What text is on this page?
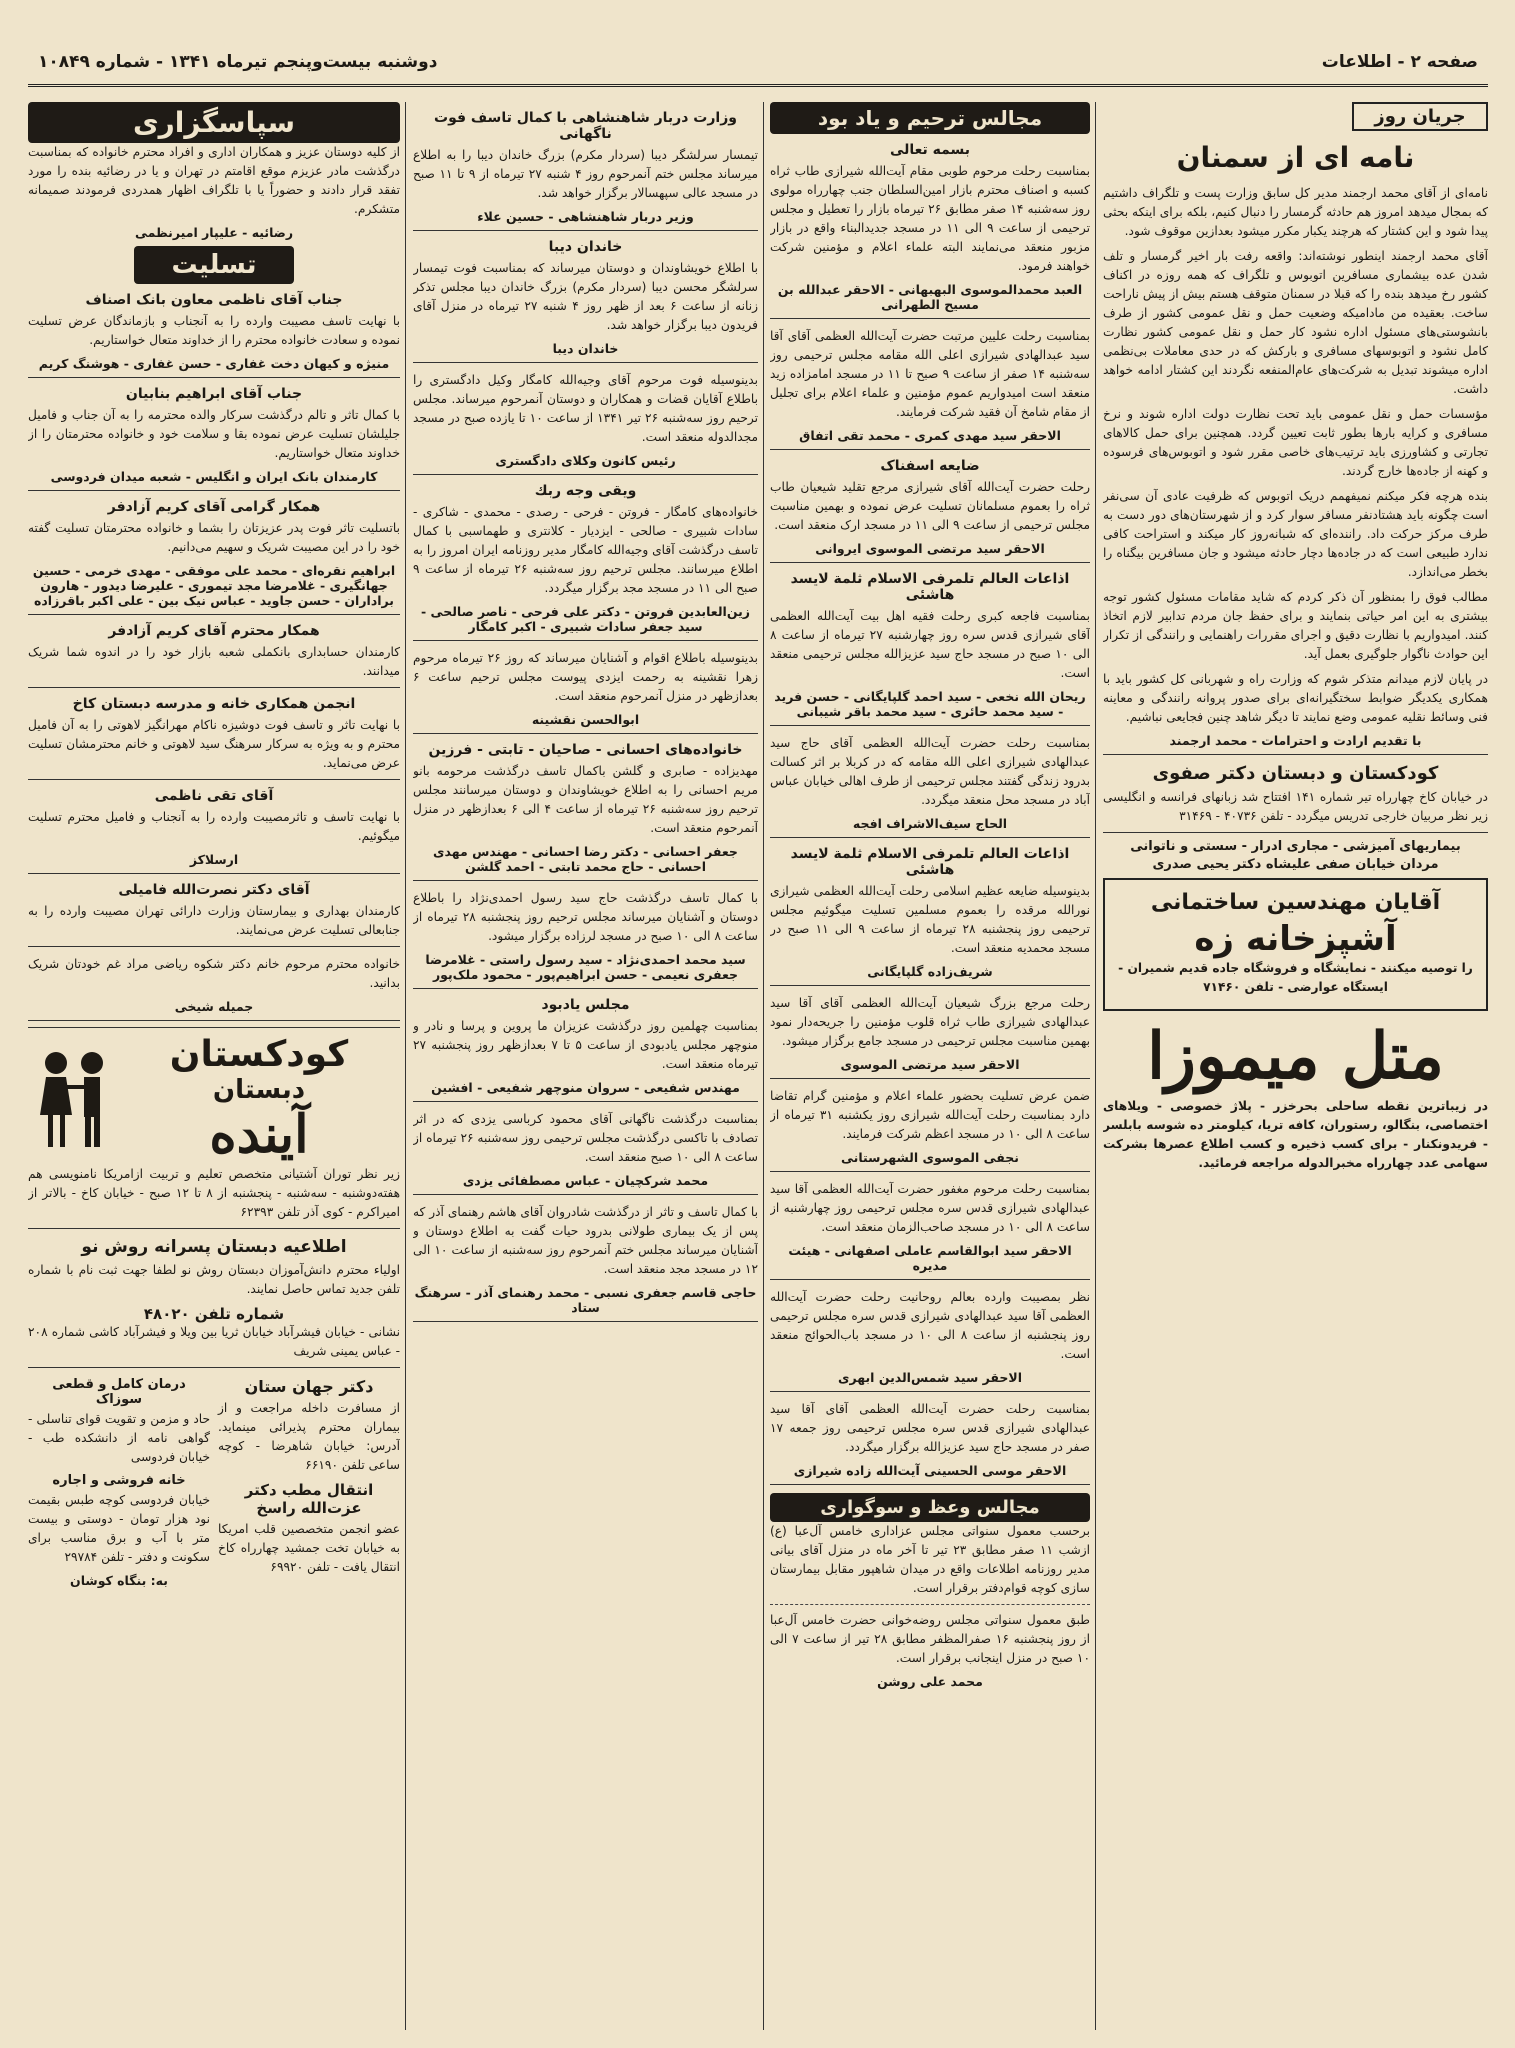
صفحه ۲ - اطلاعات
دوشنبه بیست‌وپنجم تیرماه ۱۳۴۱ - شماره ۱۰۸۴۹
جریان روز
نامه ای از سمنان

نامه‌ای از آقای محمد ارجمند مدیر کل سابق وزارت پست و تلگراف داشتیم که بمجال میدهد امروز هم حادثه گرمسار را دنبال کنیم، بلکه برای اینکه بحثی پیدا شود و این کشتار که هرچند یکبار مکرر میشود بعدازین موقوف شود.

آقای محمد ارجمند اینطور نوشته‌اند: واقعه رفت بار اخیر گرمسار و تلف شدن عده بیشماری مسافرین اتوبوس و تلگراف که همه روزه در اکناف کشور رخ میدهد بنده را که قبلا در سمنان متوقف هستم بیش از پیش ناراحت ساخت. بعقیده من مادامیکه وضعیت حمل و نقل عمومی کشور از طرف بانشوستی‌های مسئول اداره نشود کار حمل و نقل عمومی کشور نظارت کامل نشود و اتوبوسهای مسافری و بارکش که در حدی معاملات بی‌نظمی اداره میشوند تبدیل به شرکت‌های عام‌المنفعه نگردند این کشتار ادامه خواهد داشت.

مؤسسات حمل و نقل عمومی باید تحت نظارت دولت اداره شوند و نرخ مسافری و کرایه بارها بطور ثابت تعیین گردد. همچنین برای حمل کالاهای تجارتی و کشاورزی باید ترتیب‌های خاصی مقرر شود و اتوبوس‌های فرسوده و کهنه از جاده‌ها خارج گردند.

بنده هرچه فکر میکنم نمیفهمم دریک اتوبوس که ظرفیت عادی آن سی‌نفر است چگونه باید هشتادنفر مسافر سوار کرد و از شهرستان‌های دور دست به طرف مرکز حرکت داد. راننده‌ای که شبانه‌روز کار میکند و استراحت کافی ندارد طبیعی است که در جاده‌ها دچار حادثه میشود و جان مسافرین بیگناه را بخطر می‌اندازد.

مطالب فوق را بمنظور آن ذکر کردم که شاید مقامات مسئول کشور توجه بیشتری به این امر حیاتی بنمایند و برای حفظ جان مردم تدابیر لازم اتخاذ کنند. امیدواریم با نظارت دقیق و اجرای مقررات راهنمایی و رانندگی از تکرار این حوادث ناگوار جلوگیری بعمل آید.

در پایان لازم میدانم متذکر شوم که وزارت راه و شهربانی کل کشور باید با همکاری یکدیگر ضوابط سختگیرانه‌ای برای صدور پروانه رانندگی و معاینه فنی وسائط نقلیه عمومی وضع نمایند تا دیگر شاهد چنین فجایعی نباشیم.

با تقدیم ارادت و احترامات - محمد ارجمند
کودکستان و دبستان دکتر صفوی

در خیابان کاخ چهارراه تیر شماره ۱۴۱ افتتاح شد زبانهای فرانسه و انگلیسی زیر نظر مربیان خارجی تدریس میگردد - تلفن ۴۰۷۳۶ - ۳۱۴۶۹

بیماریهای آمیزشی - مجاری ادرار - سستی و ناتوانی
مردان خیابان صفی علیشاه دکتر یحیی صدری
آقایان مهندسین ساختمانی
آشپزخانه زه

را توصیه میکنند - نمایشگاه و فروشگاه جاده قدیم شمیران - ایستگاه عوارضی - تلفن ۷۱۴۶۰

متل میموزا

در زیباترین نقطه ساحلی بحرخزر - پلاژ خصوصی - ویلاهای اختصاصی، بنگالو، رستوران، کافه تریا، کیلومتر ده شوسه بابلسر - فریدونکنار - برای کسب ذخیره و کسب اطلاع عصرها بشرکت سهامی عدد چهارراه مخبرالدوله مراجعه فرمائید.

مجالس ترحیم و یاد بود
بسمه تعالی

بمناسبت رحلت مرحوم طوبی مقام آیت‌الله شیرازی طاب ثراه کسبه و اصناف محترم بازار امین‌السلطان جنب چهارراه مولوی روز سه‌شنبه ۱۴ صفر مطابق ۲۶ تیرماه بازار را تعطیل و مجلس ترحیمی از ساعت ۹ الی ۱۱ در مسجد جدیدالبناء واقع در بازار مزبور منعقد می‌نمایند البته علماء اعلام و مؤمنین شرکت خواهند فرمود.

العبد محمدالموسوی البهبهانی - الاحقر عبدالله بن مسیح الطهرانی

بمناسبت رحلت علیین مرتبت حضرت آیت‌الله العظمی آقای آقا سید عبدالهادی شیرازی اعلی الله مقامه مجلس ترحیمی روز سه‌شنبه ۱۴ صفر از ساعت ۹ صبح تا ۱۱ در مسجد امامزاده زید منعقد است امیدواریم عموم مؤمنین و علماء اعلام برای تجلیل از مقام شامخ آن فقید شرکت فرمایند.

الاحقر سید مهدی کمری - محمد تقی اتفاق
ضایعه اسفناک

رحلت حضرت آیت‌الله آقای شیرازی مرجع تقلید شیعیان طاب ثراه را بعموم مسلمانان تسلیت عرض نموده و بهمین مناسبت مجلس ترحیمی از ساعت ۹ الی ۱۱ در مسجد ارک منعقد است.

الاحقر سید مرتضی الموسوی ایروانی
اذاعات العالم تلمرفی الاسلام ثلمة لایسد هاشئی

بمناسبت فاجعه کبری رحلت فقیه اهل بیت آیت‌الله العظمی آقای شیرازی قدس سره روز چهارشنبه ۲۷ تیرماه از ساعت ۸ الی ۱۰ صبح در مسجد حاج سید عزیزالله مجلس ترحیمی منعقد است.

ریحان الله نخعی - سید احمد گلپایگانی - حسن فرید - سید محمد حائری - سید محمد باقر شیبانی

بمناسبت رحلت حضرت آیت‌الله العظمی آقای حاج سید عبدالهادی شیرازی اعلی الله مقامه که در کربلا بر اثر کسالت بدرود زندگی گفتند مجلس ترحیمی از طرف اهالی خیابان عباس آباد در مسجد محل منعقد میگردد.

الحاج سیف‌الاشراف افجه
اذاعات العالم تلمرفی الاسلام ثلمة لایسد هاشئی

بدینوسیله ضایعه عظیم اسلامی رحلت آیت‌الله العظمی شیرازی نورالله مرقده را بعموم مسلمین تسلیت میگوئیم مجلس ترحیمی روز پنجشنبه ۲۸ تیرماه از ساعت ۹ الی ۱۱ صبح در مسجد محمدیه منعقد است.

شریف‌زاده گلپایگانی

رحلت مرجع بزرگ شیعیان آیت‌الله العظمی آقای آقا سید عبدالهادی شیرازی طاب ثراه قلوب مؤمنین را جریحه‌دار نمود بهمین مناسبت مجلس ترحیمی در مسجد جامع برگزار میشود.

الاحقر سید مرتضی الموسوی

ضمن عرض تسلیت بحضور علماء اعلام و مؤمنین گرام تقاضا دارد بمناسبت رحلت آیت‌الله شیرازی روز یکشنبه ۳۱ تیرماه از ساعت ۸ الی ۱۰ در مسجد اعظم شرکت فرمایند.

نجفی الموسوی الشهرستانی

بمناسبت رحلت مرحوم مغفور حضرت آیت‌الله العظمی آقا سید عبدالهادی شیرازی قدس سره مجلس ترحیمی روز چهارشنبه از ساعت ۸ الی ۱۰ در مسجد صاحب‌الزمان منعقد است.

الاحقر سید ابوالقاسم عاملی اصفهانی - هیئت مدیره

نظر بمصیبت وارده بعالم روحانیت رحلت حضرت آیت‌الله العظمی آقا سید عبدالهادی شیرازی قدس سره مجلس ترحیمی روز پنجشنبه از ساعت ۸ الی ۱۰ در مسجد باب‌الحوائج منعقد است.

الاحقر سید شمس‌الدین ابهری

بمناسبت رحلت حضرت آیت‌الله العظمی آقای آقا سید عبدالهادی شیرازی قدس سره مجلس ترحیمی روز جمعه ۱۷ صفر در مسجد حاج سید عزیزالله برگزار میگردد.

الاحقر موسی الحسینی آیت‌الله زاده شیرازی
مجالس وعظ و سوگواری

برحسب معمول سنواتی مجلس عزاداری خامس آل‌عبا (ع) ازشب ۱۱ صفر مطابق ۲۳ تیر تا آخر ماه در منزل آقای بیانی مدیر روزنامه اطلاعات واقع در میدان شاهپور مقابل بیمارستان سازی کوچه قوام‌دفتر برقرار است.

طبق معمول سنواتی مجلس روضه‌خوانی حضرت خامس آل‌عبا از روز پنجشنبه ۱۶ صفرالمظفر مطابق ۲۸ تیر از ساعت ۷ الی ۱۰ صبح در منزل اینجانب برقرار است.

محمد علی روشن
وزارت دربار شاهنشاهی با کمال تاسف فوت ناگهانی

تیمسار سرلشگر دیبا (سردار مکرم) بزرگ خاندان دیبا را به اطلاع میرساند مجلس ختم آنمرحوم روز ۴ شنبه ۲۷ تیرماه از ۹ تا ۱۱ صبح در مسجد عالی سپهسالار برگزار خواهد شد.

وزیر دربار شاهنشاهی - حسین علاء
خاندان دیبا

با اطلاع خویشاوندان و دوستان میرساند که بمناسبت فوت تیمسار سرلشگر محسن دیبا (سردار مکرم) بزرگ خاندان دیبا مجلس تذکر زنانه از ساعت ۶ بعد از ظهر روز ۴ شنبه ۲۷ تیرماه در منزل آقای فریدون دیبا برگزار خواهد شد.

خاندان دیبا

بدینوسیله فوت مرحوم آقای وجیه‌الله کامگار وکیل دادگستری را باطلاع آقایان قضات و همکاران و دوستان آنمرحوم میرساند. مجلس ترحیم روز سه‌شنبه ۲۶ تیر ۱۳۴۱ از ساعت ۱۰ تا یازده صبح در مسجد مجدالدوله منعقد است.

رئیس کانون وکلای دادگستری
ویقی وجه ربك

خانواده‌های کامگار - فروتن - فرحی - رصدی - محمدی - شاکری - سادات شبیری - صالحی - ایزدیار - کلانتری و طهماسبی با کمال تاسف درگذشت آقای وجیه‌الله کامگار مدیر روزنامه ایران امروز را به اطلاع میرسانند. مجلس ترحیم روز سه‌شنبه ۲۶ تیرماه از ساعت ۹ صبح الی ۱۱ در مسجد مجد برگزار میگردد.

زین‌العابدین فروتن - دکتر علی فرحی - ناصر صالحی - سید جعفر سادات شبیری - اکبر کامگار

بدینوسیله باطلاع اقوام و آشنایان میرساند که روز ۲۶ تیرماه مرحوم زهرا نقشینه به رحمت ایزدی پیوست مجلس ترحیم ساعت ۶ بعدازظهر در منزل آنمرحوم منعقد است.

ابوالحسن نقشینه
خانواده‌های احسانی - صاحیان - تابتی - فرزین

مهدیزاده - صابری و گلشن باکمال تاسف درگذشت مرحومه بانو مریم احسانی را به اطلاع خویشاوندان و دوستان میرسانند مجلس ترحیم روز سه‌شنبه ۲۶ تیرماه از ساعت ۴ الی ۶ بعدازظهر در منزل آنمرحوم منعقد است.

جعفر احسانی - دکتر رضا احسانی - مهندس مهدی احسانی - حاج محمد تابتی - احمد گلشن

با کمال تاسف درگذشت حاج سید رسول احمدی‌نژاد را باطلاع دوستان و آشنایان میرساند مجلس ترحیم روز پنجشنبه ۲۸ تیرماه از ساعت ۸ الی ۱۰ صبح در مسجد لرزاده برگزار میشود.

سید محمد احمدی‌نژاد - سید رسول راستی - غلامرضا جعفری نعیمی - حسن ابراهیم‌پور - محمود ملک‌پور
مجلس یادبود

بمناسبت چهلمین روز درگذشت عزیزان ما پروین و پرسا و نادر و منوچهر مجلس یادبودی از ساعت ۵ تا ۷ بعدازظهر روز پنجشنبه ۲۷ تیرماه منعقد است.

مهندس شفیعی - سروان منوچهر شفیعی - افشین

بمناسبت درگذشت ناگهانی آقای محمود کرباسی یزدی که در اثر تصادف با تاکسی درگذشت مجلس ترحیمی روز سه‌شنبه ۲۶ تیرماه از ساعت ۸ الی ۱۰ صبح منعقد است.

محمد شرکچیان - عباس مصطفائی یزدی

با کمال تاسف و تاثر از درگذشت شادروان آقای هاشم رهنمای آذر که پس از یک بیماری طولانی بدرود حیات گفت به اطلاع دوستان و آشنایان میرساند مجلس ختم آنمرحوم روز سه‌شنبه از ساعت ۱۰ الی ۱۲ در مسجد مجد منعقد است.

حاجی قاسم جعفری نسبی - محمد رهنمای آذر - سرهنگ ستاد
سپاسگزاری

از کلیه دوستان عزیز و همکاران اداری و افراد محترم خانواده که بمناسبت درگذشت مادر عزیزم موقع اقامتم در تهران و یا در رضائیه بنده را مورد تفقد قرار دادند و حضوراً یا با تلگراف اظهار همدردی فرمودند صمیمانه متشکرم.

رضائیه - علیپار امیرنظمی
تسلیت
جناب آقای ناظمی معاون بانک اصناف

با نهایت تاسف مصیبت وارده را به آنجناب و بازماندگان عرض تسلیت نموده و سعادت خانواده محترم را از خداوند متعال خواستاریم.

منیژه و کیهان دخت غفاری - حسن غفاری - هوشنگ کریم
جناب آقای ابراهیم بنابیان

با کمال تاثر و تالم درگذشت سرکار والده محترمه را به آن جناب و فامیل جلیلشان تسلیت عرض نموده بقا و سلامت خود و خانواده محترمتان را از خداوند متعال خواستاریم.

کارمندان بانک ایران و انگلیس - شعبه میدان فردوسی
همکار گرامی آقای کریم آزادفر

باتسلیت تاثر فوت پدر عزیزتان را بشما و خانواده محترمتان تسلیت گفته خود را در این مصیبت شریک و سهیم می‌دانیم.

ابراهیم نقره‌ای - محمد علی موفقی - مهدی خرمی - حسین جهانگیری - غلامرضا مجد تیموری - علیرضا دیدور - هارون براداران - حسن جاوید - عباس نیک بین - علی اکبر باقرزاده
همکار محترم آقای کریم آزادفر

کارمندان حسابداری بانکملی شعبه بازار خود را در اندوه شما شریک میدانند.

انجمن همکاری خانه و مدرسه دبستان کاخ

با نهایت تاثر و تاسف فوت دوشیزه ناکام مهرانگیز لاهوتی را به آن فامیل محترم و به ویژه به سرکار سرهنگ سید لاهوتی و خانم محترمشان تسلیت عرض می‌نماید.

آقای تقی ناظمی

با نهایت تاسف و تاثرمصیبت وارده را به آنجناب و فامیل محترم تسلیت میگوئیم.

ارسلاکز
آقای دکتر نصرت‌الله فامیلی

کارمندان بهداری و بیمارستان وزارت دارائی تهران مصیبت وارده را به جنابعالی تسلیت عرض می‌نمایند.

خانواده محترم مرحوم خانم دکتر شکوه ریاضی مراد غم خودتان شریک بدانید.

جمیله شیخی
کودکستان
دبستان
آینده

زیر نظر توران آشتیانی متخصص تعلیم و تربیت ازامریکا نامنویسی هم هفته‌دوشنبه - سه‌شنبه - پنجشنبه از ۸ تا ۱۲ صبح - خیابان کاخ - بالاتر از امیراکرم - کوی آذر تلفن ۶۲۳۹۳

اطلاعیه دبستان پسرانه روش نو

اولیاء محترم دانش‌آموزان دبستان روش نو لطفا جهت ثبت نام با شماره تلفن جدید تماس حاصل نمایند.

شماره تلفن ۴۸۰۲۰

نشانی - خیابان فیشرآباد خیابان ثریا بین ویلا و فیشرآباد کاشی شماره ۲۰۸ - عباس یمینی شریف

دکتر جهان ستان

از مسافرت داخله مراجعت و از بیماران محترم پذیرائی مینماید. آدرس: خیابان شاهرضا - کوچه ساعی تلفن ۶۶۱۹۰

انتقال مطب دکتر عزت‌الله راسخ

عضو انجمن متخصصین قلب امریکا به خیابان تخت جمشید چهارراه کاخ انتقال یافت - تلفن ۶۹۹۲۰

درمان کامل و قطعی سوزاک

حاد و مزمن و تقویت قوای تناسلی - گواهی نامه از دانشکده طب - خیابان فردوسی

خانه فروشی و اجاره

خیابان فردوسی کوچه طبس بقیمت نود هزار تومان - دوستی و بیست متر با آب و برق مناسب برای سکونت و دفتر - تلفن ۲۹۷۸۴

به: بنگاه کوشان
